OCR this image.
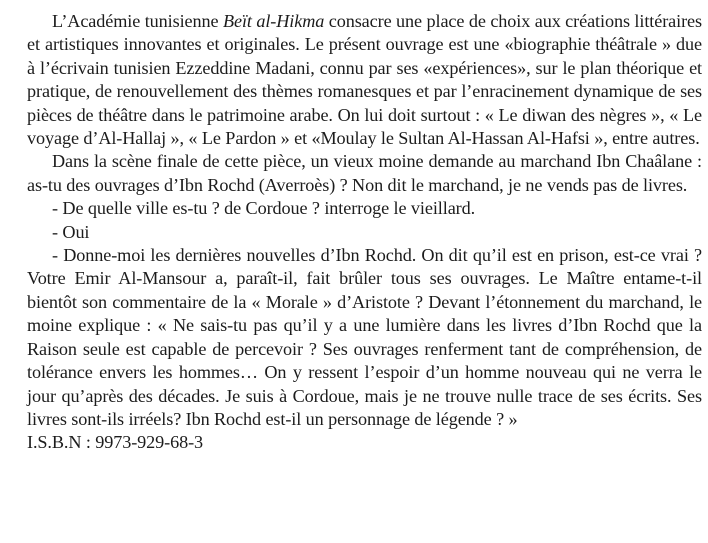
L’Académie tunisienne Beït al-Hikma consacre une place de choix aux créations littéraires et artistiques innovantes et originales. Le présent ouvrage est une «biographie théâtrale » due à l’écrivain tunisien Ezzeddine Madani, connu par ses «expériences», sur le plan théorique et pratique, de renouvellement des thèmes romanesques et par l’enracinement dynamique de ses pièces de théâtre dans le patrimoine arabe. On lui doit surtout : « Le diwan des nègres », « Le voyage d’Al-Hallaj », « Le Pardon » et «Moulay le Sultan Al-Hassan Al-Hafsi », entre autres.

Dans la scène finale de cette pièce, un vieux moine demande au marchand Ibn Chaâlane : as-tu des ouvrages d’Ibn Rochd (Averroès) ? Non dit le marchand, je ne vends pas de livres.

- De quelle ville es-tu ? de Cordoue ? interroge le vieillard.

- Oui

- Donne-moi les dernières nouvelles d’Ibn Rochd. On dit qu’il est en prison, est-ce vrai ? Votre Emir Al-Mansour a, paraît-il, fait brûler tous ses ouvrages. Le Maître entame-t-il bientôt son commentaire de la « Morale » d’Aristote ? Devant l’étonnement du marchand, le moine explique : « Ne sais-tu pas qu’il y a une lumière dans les livres d’Ibn Rochd que la Raison seule est capable de percevoir ? Ses ouvrages renferment tant de compréhension, de tolérance envers les hommes… On y ressent l’espoir d’un homme nouveau qui ne verra le jour qu’après des décades. Je suis à Cordoue, mais je ne trouve nulle trace de ses écrits. Ses livres sont-ils irréels? Ibn Rochd est-il un personnage de légende ? »

I.S.B.N : 9973-929-68-3
